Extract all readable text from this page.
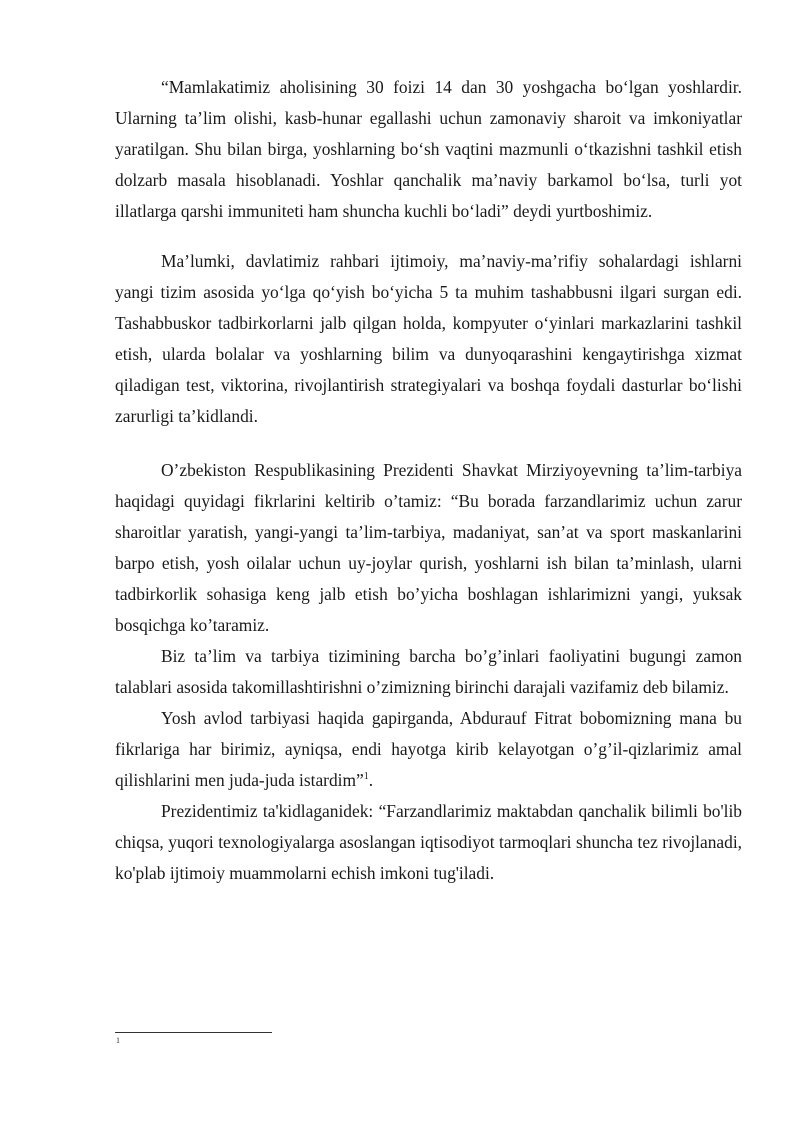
“Mamlakatimiz aholisining 30 foizi 14 dan 30 yoshgacha bo‘lgan yoshlardir. Ularning ta’lim olishi, kasb-hunar egallashi uchun zamonaviy sharoit va imkoniyatlar yaratilgan. Shu bilan birga, yoshlarning bo‘sh vaqtini mazmunli o‘tkazishni tashkil etish dolzarb masala hisoblanadi. Yoshlar qanchalik ma’naviy barkamol bo‘lsa, turli yot illatlarga qarshi immuniteti ham shuncha kuchli bo‘ladi” deydi yurtboshimiz.

Ma’lumki, davlatimiz rahbari ijtimoiy, ma’naviy-ma’rifiy sohalardagi ishlarni yangi tizim asosida yo‘lga qo‘yish bo‘yicha 5 ta muhim tashabbusni ilgari surgan edi. Tashabbuskor tadbirkorlarni jalb qilgan holda, kompyuter o‘yinlari markazlarini tashkil etish, ularda bolalar va yoshlarning bilim va dunyoqarashini kengaytirishga xizmat qiladigan test, viktorina, rivojlantirish strategiyalari va boshqa foydali dasturlar bo‘lishi zarurligi ta’kidlandi.

O’zbekiston Respublikasining Prezidenti Shavkat Mirziyoyevning ta’lim-tarbiya haqidagi quyidagi fikrlarini keltirib o’tamiz: “Bu borada farzandlarimiz uchun zarur sharoitlar yaratish, yangi-yangi ta’lim-tarbiya, madaniyat, san’at va sport maskanlarini barpo etish, yosh oilalar uchun uy-joylar qurish, yoshlarni ish bilan ta’minlash, ularni tadbirkorlik sohasiga keng jalb etish bo’yicha boshlagan ishlarimizni yangi, yuksak bosqichga ko’taramiz.

Biz ta’lim va tarbiya tizimining barcha bo’g’inlari faoliyatini bugungi zamon talablari asosida takomillashtirishni o’zimizning birinchi darajali vazifamiz deb bilamiz.

Yosh avlod tarbiyasi haqida gapirganda, Abdurauf Fitrat bobomizning mana bu fikrlariga har birimiz, ayniqsa, endi hayotga kirib kelayotgan o’g’il-qizlarimiz amal qilishlarini men juda-juda istardim”$^1$.

Prezidentimiz ta'kidlaganidek: “Farzandlarimiz maktabdan qanchalik bilimli bo'lib chiqsa, yuqori texnologiyalarga asoslangan iqtisodiyot tarmoqlari shuncha tez rivojlanadi, ko'plab ijtimoiy muammolarni echish imkoni tug'iladi.

1
